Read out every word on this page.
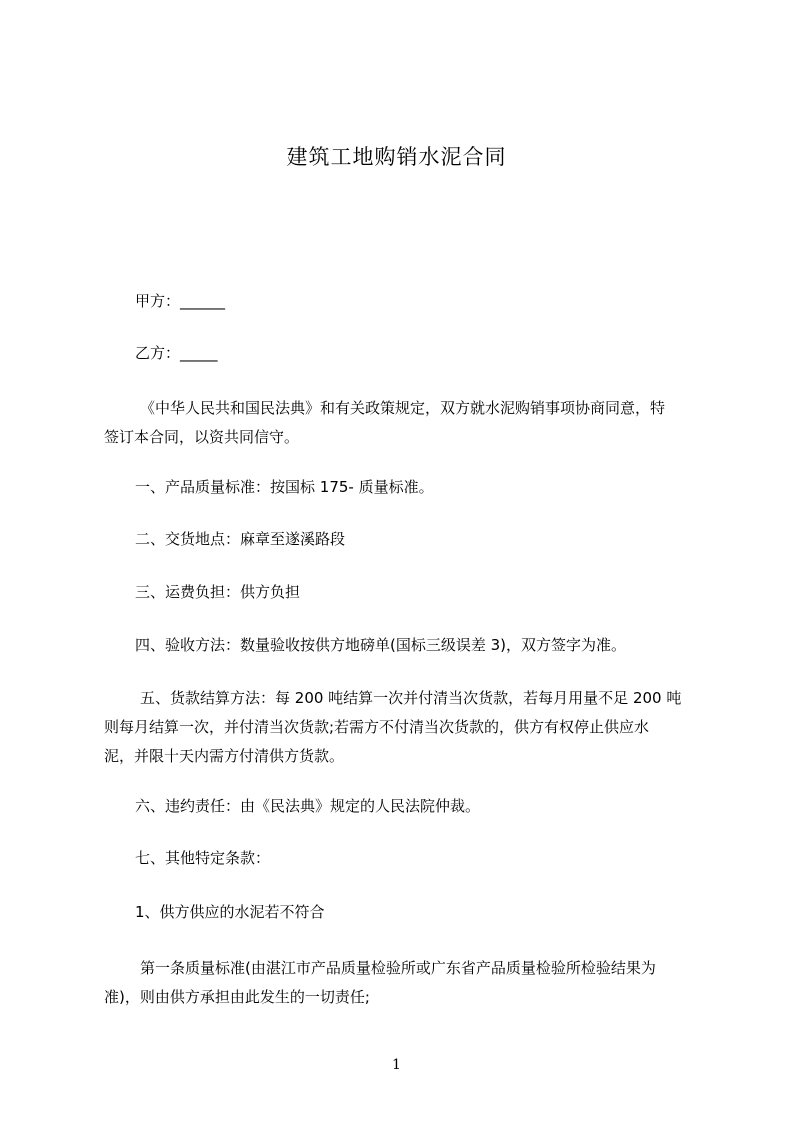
建筑工地购销水泥合同
甲方：______
乙方：_____
《中华人民共和国民法典》和有关政策规定，双方就水泥购销事项协商同意，特
签订本合同，以资共同信守。
一、产品质量标准：按国标 175- 质量标准。
二、交货地点：麻章至遂溪路段
三、运费负担：供方负担
四、验收方法：数量验收按供方地磅单(国标三级误差 3)，双方签字为准。
五、货款结算方法：每 200 吨结算一次并付清当次货款，若每月用量不足 200 吨
则每月结算一次，并付清当次货款;若需方不付清当次货款的，供方有权停止供应水
泥，并限十天内需方付清供方货款。
六、违约责任：由《民法典》规定的人民法院仲裁。
七、其他特定条款：
1、供方供应的水泥若不符合
第一条质量标准(由湛江市产品质量检验所或广东省产品质量检验所检验结果为
准)，则由供方承担由此发生的一切责任;
1
